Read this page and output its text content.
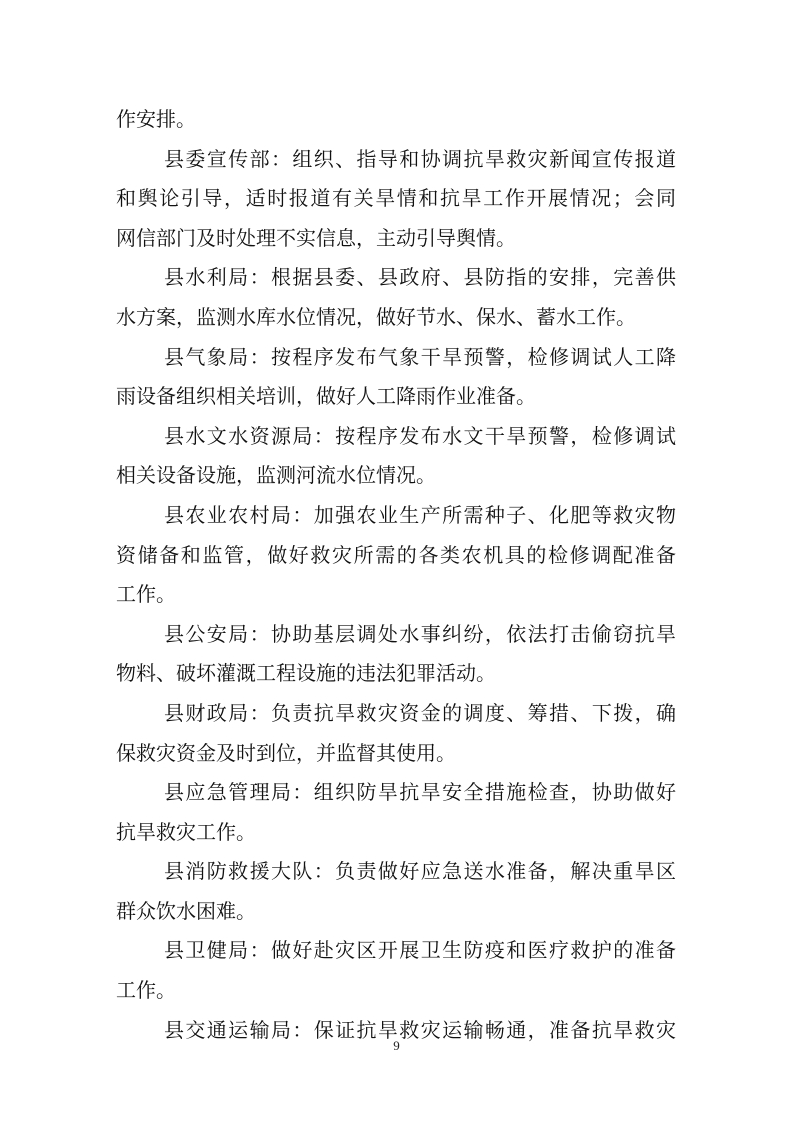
作安排。
县委宣传部：组织、指导和协调抗旱救灾新闻宣传报道
和舆论引导，适时报道有关旱情和抗旱工作开展情况；会同
网信部门及时处理不实信息，主动引导舆情。
县水利局：根据县委、县政府、县防指的安排，完善供
水方案，监测水库水位情况，做好节水、保水、蓄水工作。
县气象局：按程序发布气象干旱预警，检修调试人工降
雨设备组织相关培训，做好人工降雨作业准备。
县水文水资源局：按程序发布水文干旱预警，检修调试
相关设备设施，监测河流水位情况。
县农业农村局：加强农业生产所需种子、化肥等救灾物
资储备和监管，做好救灾所需的各类农机具的检修调配准备
工作。
县公安局：协助基层调处水事纠纷，依法打击偷窃抗旱
物料、破坏灌溉工程设施的违法犯罪活动。
县财政局：负责抗旱救灾资金的调度、筹措、下拨，确
保救灾资金及时到位，并监督其使用。
县应急管理局：组织防旱抗旱安全措施检查，协助做好
抗旱救灾工作。
县消防救援大队：负责做好应急送水准备，解决重旱区
群众饮水困难。
县卫健局：做好赴灾区开展卫生防疫和医疗救护的准备
工作。
县交通运输局：保证抗旱救灾运输畅通，准备抗旱救灾
9
